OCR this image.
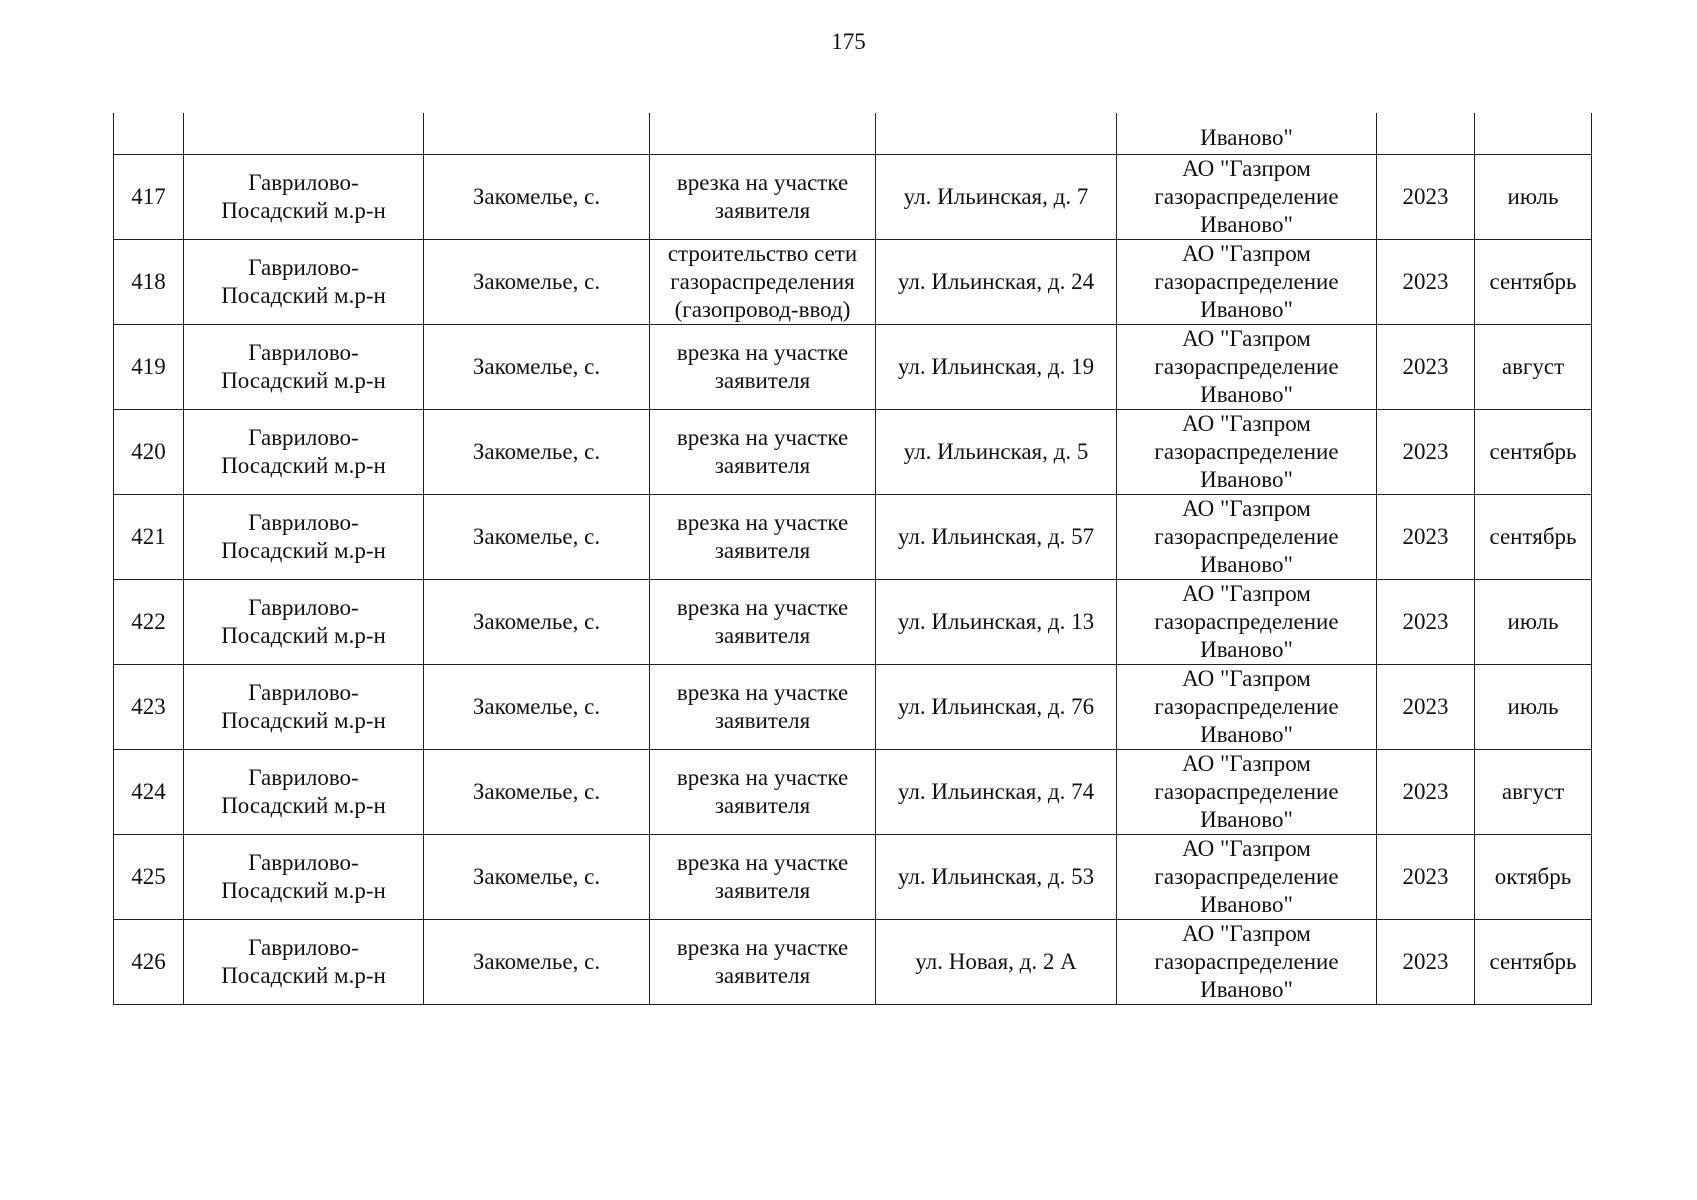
175
					Иваново"		
417	Гаврилово-
Посадский м.р-н	Закомелье, с.	врезка на участке
заявителя	ул. Ильинская, д. 7	АО "Газпром
газораспределение
Иваново"	2023	июль
418	Гаврилово-
Посадский м.р-н	Закомелье, с.	строительство сети
газораспределения
(газопровод-ввод)	ул. Ильинская, д. 24	АО "Газпром
газораспределение
Иваново"	2023	сентябрь
419	Гаврилово-
Посадский м.р-н	Закомелье, с.	врезка на участке
заявителя	ул. Ильинская, д. 19	АО "Газпром
газораспределение
Иваново"	2023	август
420	Гаврилово-
Посадский м.р-н	Закомелье, с.	врезка на участке
заявителя	ул. Ильинская, д. 5	АО "Газпром
газораспределение
Иваново"	2023	сентябрь
421	Гаврилово-
Посадский м.р-н	Закомелье, с.	врезка на участке
заявителя	ул. Ильинская, д. 57	АО "Газпром
газораспределение
Иваново"	2023	сентябрь
422	Гаврилово-
Посадский м.р-н	Закомелье, с.	врезка на участке
заявителя	ул. Ильинская, д. 13	АО "Газпром
газораспределение
Иваново"	2023	июль
423	Гаврилово-
Посадский м.р-н	Закомелье, с.	врезка на участке
заявителя	ул. Ильинская, д. 76	АО "Газпром
газораспределение
Иваново"	2023	июль
424	Гаврилово-
Посадский м.р-н	Закомелье, с.	врезка на участке
заявителя	ул. Ильинская, д. 74	АО "Газпром
газораспределение
Иваново"	2023	август
425	Гаврилово-
Посадский м.р-н	Закомелье, с.	врезка на участке
заявителя	ул. Ильинская, д. 53	АО "Газпром
газораспределение
Иваново"	2023	октябрь
426	Гаврилово-
Посадский м.р-н	Закомелье, с.	врезка на участке
заявителя	ул. Новая, д. 2 А	АО "Газпром
газораспределение
Иваново"	2023	сентябрь
